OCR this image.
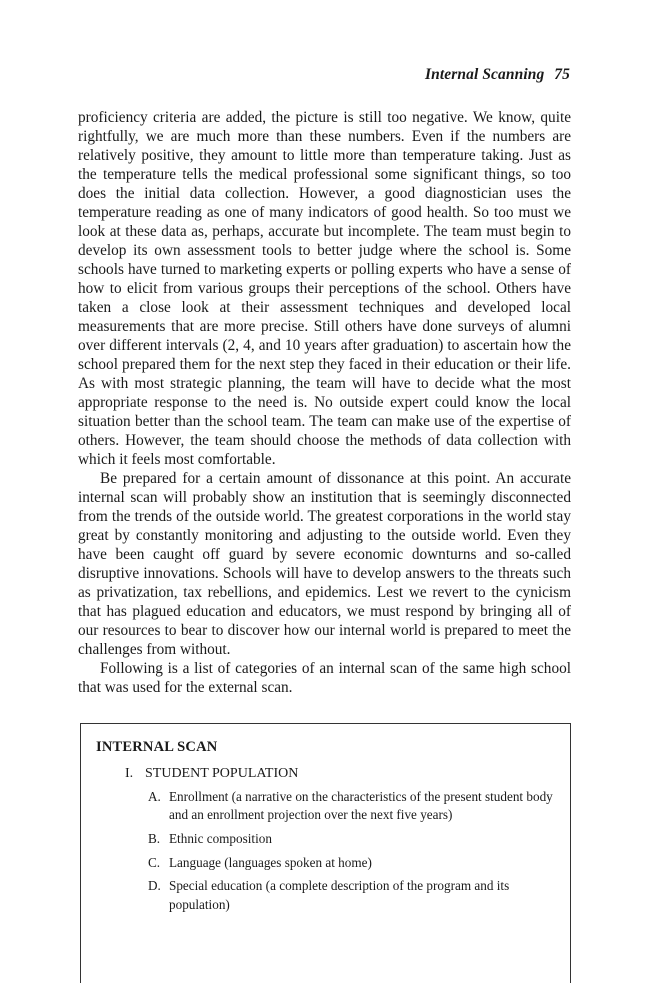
Internal Scanning 75

proficiency criteria are added, the picture is still too negative. We know, quite rightfully, we are much more than these numbers. Even if the numbers are relatively positive, they amount to little more than temperature taking. Just as the temperature tells the medical professional some significant things, so too does the initial data collection. However, a good diagnostician uses the temperature reading as one of many indicators of good health. So too must we look at these data as, perhaps, accurate but incomplete. The team must begin to develop its own assessment tools to better judge where the school is. Some schools have turned to marketing experts or polling experts who have a sense of how to elicit from various groups their perceptions of the school. Others have taken a close look at their assessment techniques and developed local measurements that are more precise. Still others have done surveys of alumni over different intervals (2, 4, and 10 years after graduation) to ascertain how the school prepared them for the next step they faced in their education or their life. As with most strategic planning, the team will have to decide what the most appropriate response to the need is. No outside expert could know the local situation better than the school team. The team can make use of the expertise of others. However, the team should choose the methods of data collection with which it feels most comfortable.

Be prepared for a certain amount of dissonance at this point. An accurate internal scan will probably show an institution that is seemingly disconnected from the trends of the outside world. The greatest corporations in the world stay great by constantly monitoring and adjusting to the outside world. Even they have been caught off guard by severe economic downturns and so-called disruptive innovations. Schools will have to develop answers to the threats such as privatization, tax rebellions, and epidemics. Lest we revert to the cynicism that has plagued education and educators, we must respond by bringing all of our resources to bear to discover how our internal world is prepared to meet the challenges from without.

Following is a list of categories of an internal scan of the same high school that was used for the external scan.

INTERNAL SCAN
I. STUDENT POPULATION
A. Enrollment (a narrative on the characteristics of the present student body and an enrollment projection over the next five years)
B. Ethnic composition
C. Language (languages spoken at home)
D. Special education (a complete description of the program and its population)
